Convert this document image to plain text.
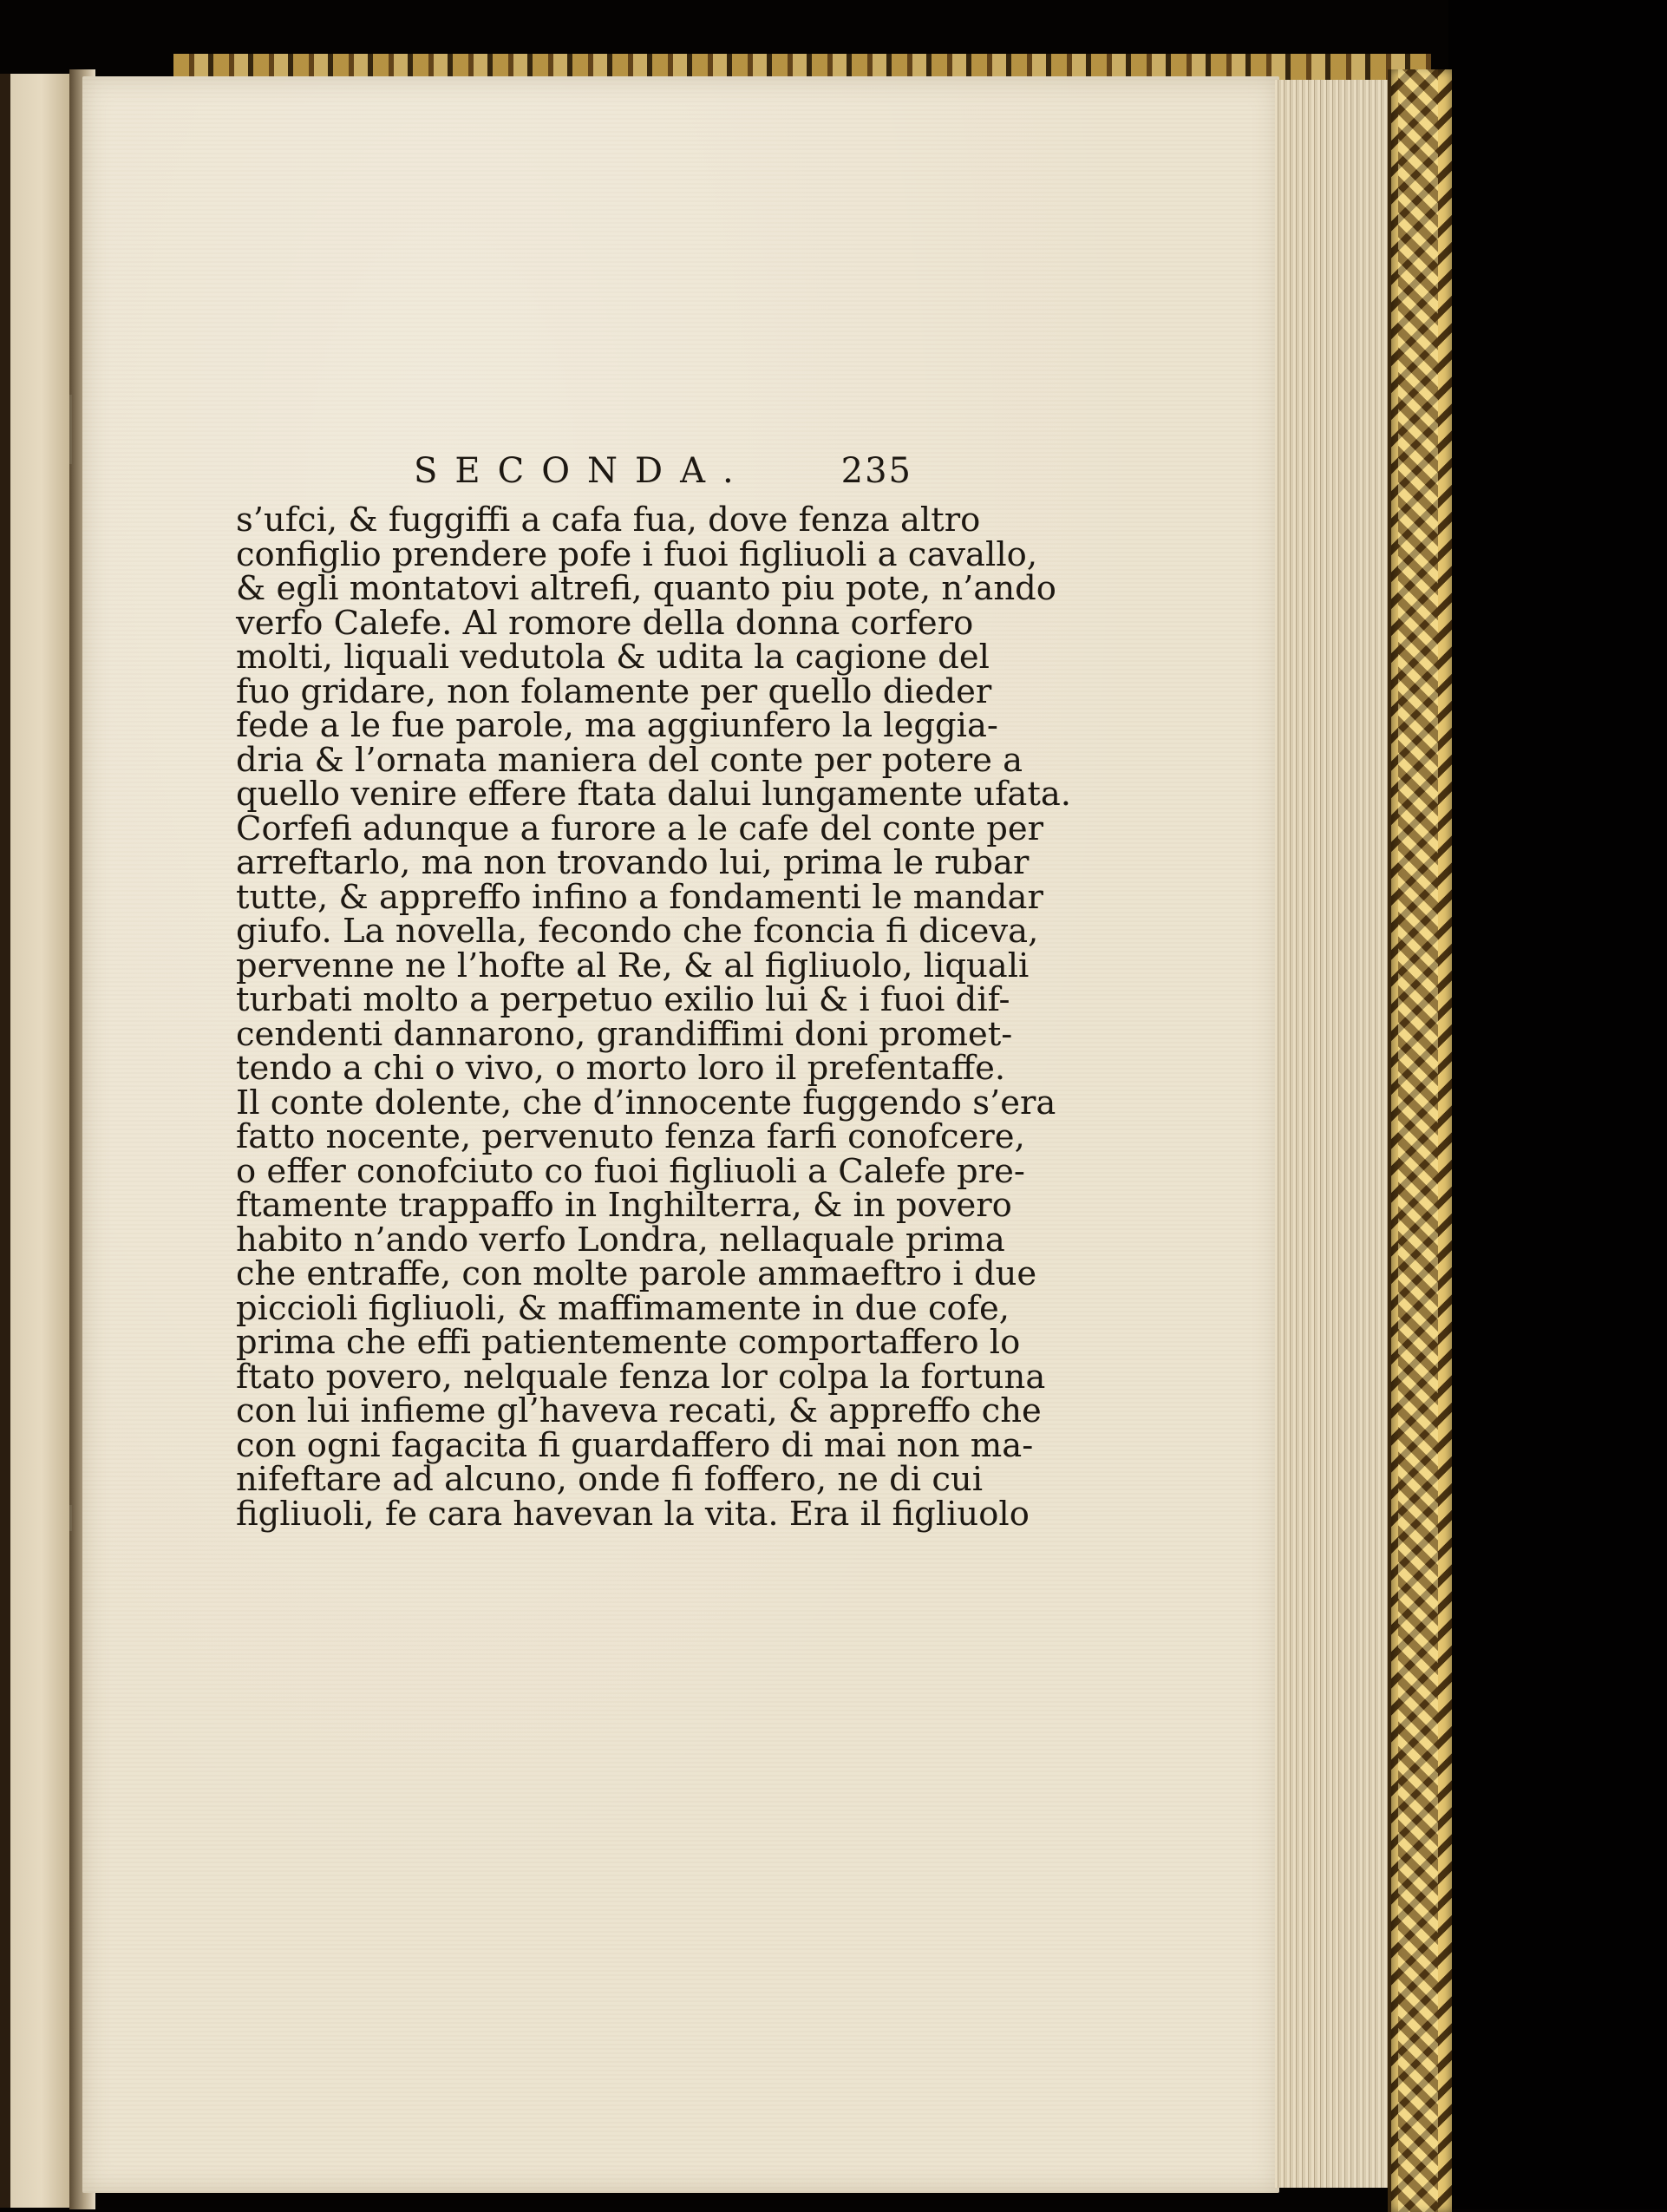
SECONDA.	235
s’ufci, & fuggiffi a cafa fua, dove fenza altro
configlio prendere pofe i fuoi figliuoli a cavallo,
& egli montatovi altrefi, quanto piu pote, n’ando
verfo Calefe. Al romore della donna corfero
molti, liquali vedutola & udita la cagione del
fuo gridare, non folamente per quello dieder
fede a le fue parole, ma aggiunfero la leggia-
dria & l’ornata maniera del conte per potere a
quello venire effere ftata dalui lungamente ufata.
Corfefi adunque a furore a le cafe del conte per
arreftarlo, ma non trovando lui, prima le rubar
tutte, & appreffo infino a fondamenti le mandar
giufo. La novella, fecondo che fconcia fi diceva,
pervenne ne l’hofte al Re, & al figliuolo, liquali
turbati molto a perpetuo exilio lui & i fuoi dif-
cendenti dannarono, grandiffimi doni promet-
tendo a chi o vivo, o morto loro il prefentaffe.
Il conte dolente, che d’innocente fuggendo s’era
fatto nocente, pervenuto fenza farfi conofcere,
o effer conofciuto co fuoi figliuoli a Calefe pre-
ftamente trappaffo in Inghilterra, & in povero
habito n’ando verfo Londra, nellaquale prima
che entraffe, con molte parole ammaeftro i due
piccioli figliuoli, & maffimamente in due cofe,
prima che effi patientemente comportaffero lo
ftato povero, nelquale fenza lor colpa la fortuna
con lui infieme gl’haveva recati, & appreffo che
con ogni fagacita fi guardaffero di mai non ma-
nifeftare ad alcuno, onde fi foffero, ne di cui
figliuoli, fe cara havevan la vita. Era il figliuolo
